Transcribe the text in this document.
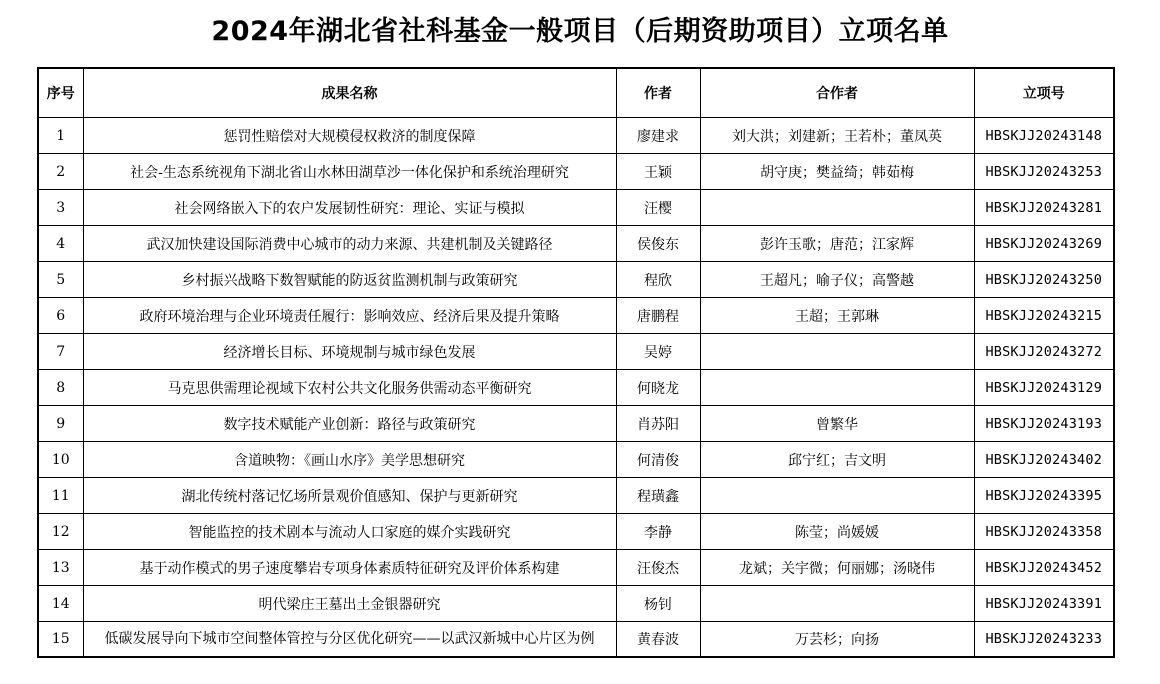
2024年湖北省社科基金一般项目（后期资助项目）立项名单
序号	成果名称	作者	合作者	立项号
1	惩罚性赔偿对大规模侵权救济的制度保障	廖建求	刘大洪；刘建新；王若朴；董凤英	HBSKJJ20243148
2	社会-生态系统视角下湖北省山水林田湖草沙一体化保护和系统治理研究	王颖	胡守庚；樊益绮；韩茹梅	HBSKJJ20243253
3	社会网络嵌入下的农户发展韧性研究：理论、实证与模拟	汪樱		HBSKJJ20243281
4	武汉加快建设国际消费中心城市的动力来源、共建机制及关键路径	侯俊东	彭许玉歌；唐范；江家辉	HBSKJJ20243269
5	乡村振兴战略下数智赋能的防返贫监测机制与政策研究	程欣	王超凡；喻子仪；高警越	HBSKJJ20243250
6	政府环境治理与企业环境责任履行：影响效应、经济后果及提升策略	唐鹏程	王超；王郭琳	HBSKJJ20243215
7	经济增长目标、环境规制与城市绿色发展	吴婷		HBSKJJ20243272
8	马克思供需理论视域下农村公共文化服务供需动态平衡研究	何晓龙		HBSKJJ20243129
9	数字技术赋能产业创新：路径与政策研究	肖苏阳	曾繁华	HBSKJJ20243193
10	含道映物：《画山水序》美学思想研究	何清俊	邱宁红；吉文明	HBSKJJ20243402
11	湖北传统村落记忆场所景观价值感知、保护与更新研究	程璜鑫		HBSKJJ20243395
12	智能监控的技术剧本与流动人口家庭的媒介实践研究	李静	陈莹；尚媛媛	HBSKJJ20243358
13	基于动作模式的男子速度攀岩专项身体素质特征研究及评价体系构建	汪俊杰	龙斌；关宇微；何丽娜；汤晓伟	HBSKJJ20243452
14	明代梁庄王墓出土金银器研究	杨钊		HBSKJJ20243391
15	低碳发展导向下城市空间整体管控与分区优化研究——以武汉新城中心片区为例	黄春波	万芸杉；向扬	HBSKJJ20243233
